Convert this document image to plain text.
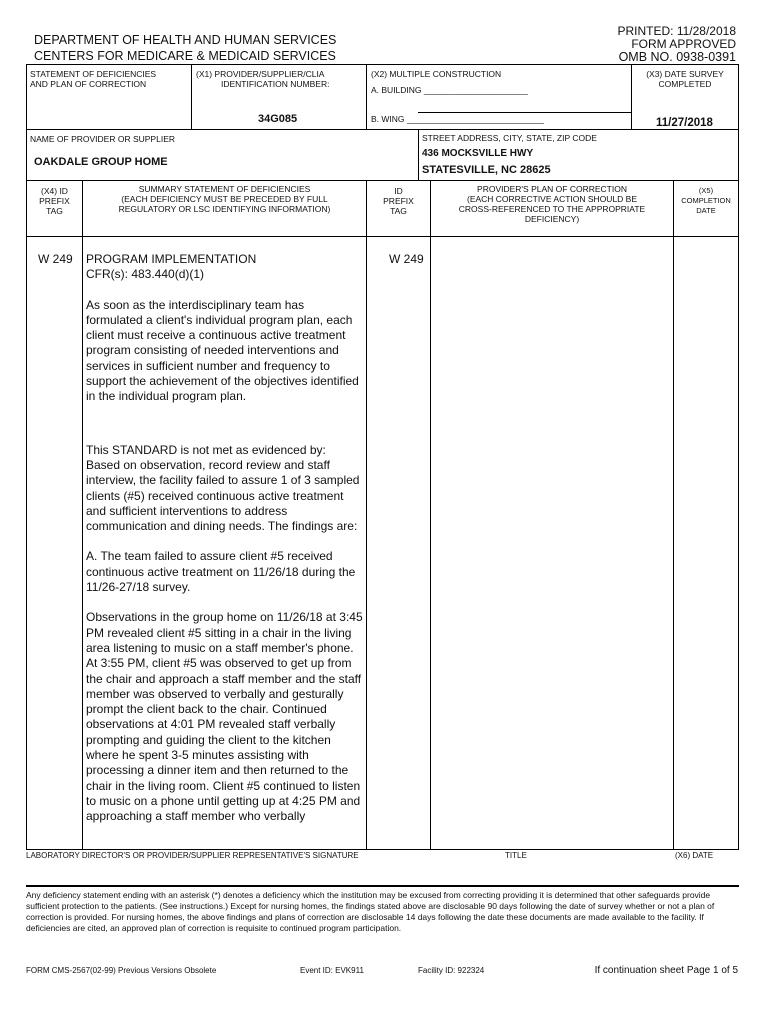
DEPARTMENT OF HEALTH AND HUMAN SERVICES
CENTERS FOR MEDICARE & MEDICAID SERVICES
PRINTED: 11/28/2018
FORM APPROVED
OMB NO. 0938-0391
STATEMENT OF DEFICIENCIES
AND PLAN OF CORRECTION
(X1) PROVIDER/SUPPLIER/CLIA
IDENTIFICATION NUMBER:
34G085
(X2) MULTIPLE CONSTRUCTION
A. BUILDING ______________________
B. WING _____________________________
(X3) DATE SURVEY
COMPLETED
11/27/2018
NAME OF PROVIDER OR SUPPLIER
OAKDALE GROUP HOME
STREET ADDRESS, CITY, STATE, ZIP CODE
436 MOCKSVILLE HWY
STATESVILLE, NC 28625
(X4) ID
PREFIX
TAG
SUMMARY STATEMENT OF DEFICIENCIES
(EACH DEFICIENCY MUST BE PRECEDED BY FULL
REGULATORY OR LSC IDENTIFYING INFORMATION)
ID
PREFIX
TAG
PROVIDER'S PLAN OF CORRECTION
(EACH CORRECTIVE ACTION SHOULD BE
CROSS-REFERENCED TO THE APPROPRIATE
DEFICIENCY)
(X5)
COMPLETION
DATE
W 249	W 249
PROGRAM IMPLEMENTATION
CFR(s): 483.440(d)(1)

As soon as the interdisciplinary team has formulated a client's individual program plan, each client must receive a continuous active treatment program consisting of needed interventions and services in sufficient number and frequency to support the achievement of the objectives identified in the individual program plan.

This STANDARD is not met as evidenced by:
Based on observation, record review and staff interview, the facility failed to assure 1 of 3 sampled clients (#5) received continuous active treatment and sufficient interventions to address communication and dining needs. The findings are:

A. The team failed to assure client #5 received continuous active treatment on 11/26/18 during the 11/26-27/18 survey.

Observations in the group home on 11/26/18 at 3:45 PM revealed client #5 sitting in a chair in the living area listening to music on a staff member's phone. At 3:55 PM, client #5 was observed to get up from the chair and approach a staff member and the staff member was observed to verbally and gesturally prompt the client back to the chair. Continued observations at 4:01 PM revealed staff verbally prompting and guiding the client to the kitchen where he spent 3-5 minutes assisting with processing a dinner item and then returned to the chair in the living room. Client #5 continued to listen to music on a phone until getting up at 4:25 PM and approaching a staff member who verbally

LABORATORY DIRECTOR'S OR PROVIDER/SUPPLIER REPRESENTATIVE'S SIGNATURE	TITLE	(X6) DATE
Any deficiency statement ending with an asterisk (*) denotes a deficiency which the institution may be excused from correcting providing it is determined that other safeguards provide sufficient protection to the patients. (See instructions.) Except for nursing homes, the findings stated above are disclosable 90 days following the date of survey whether or not a plan of correction is provided. For nursing homes, the above findings and plans of correction are disclosable 14 days following the date these documents are made available to the facility. If deficiencies are cited, an approved plan of correction is requisite to continued program participation.
FORM CMS-2567(02-99) Previous Versions Obsolete	Event ID: EVK911	Facility ID: 922324	If continuation sheet Page 1 of 5
